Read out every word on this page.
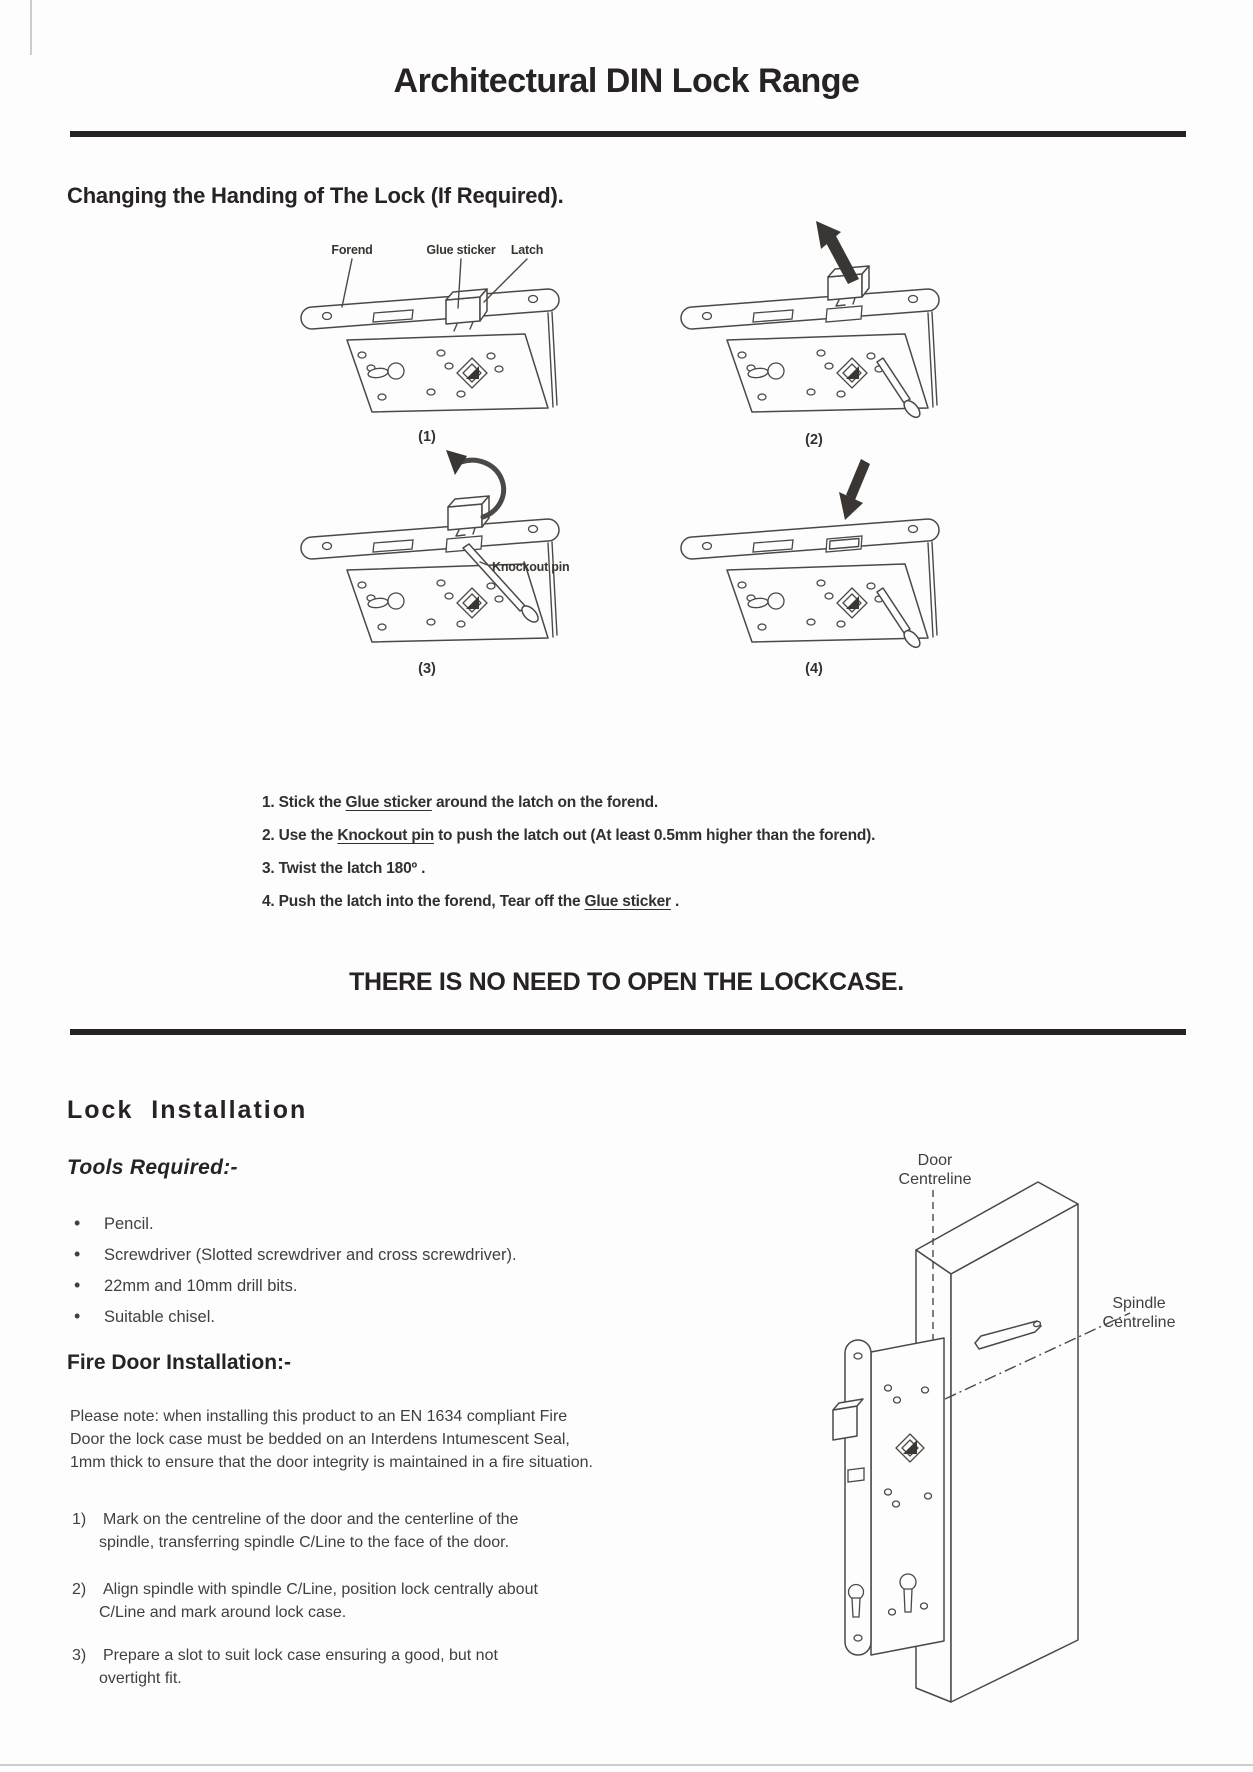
Architectural DIN Lock Range
Changing the Handing of The Lock (If Required).
Forend	Glue sticker Latch
Knockout pin
(1)	(2)
(3)	(4)
1. Stick the Glue sticker around the latch on the forend.
2. Use the Knockout pin to push the latch out (At least 0.5mm higher than the forend).
3. Twist the latch 180º .
4. Push the latch into the forend, Tear off the Glue sticker .
THERE IS NO NEED TO OPEN THE LOCKCASE.
Lock Installation
Tools Required:-
• Pencil.
• Screwdriver (Slotted screwdriver and cross screwdriver).
• 22mm and 10mm drill bits.
• Suitable chisel.
Fire Door Installation:-
Please note: when installing this product to an EN 1634 compliant Fire
Door the lock case must be bedded on an Interdens Intumescent Seal,
1mm thick to ensure that the door integrity is maintained in a fire situation.
1) Mark on the centreline of the door and the centerline of the
spindle, transferring spindle C/Line to the face of the door.
2) Align spindle with spindle C/Line, position lock centrally about
C/Line and mark around lock case.
3) Prepare a slot to suit lock case ensuring a good, but not
overtight fit.
Door
Centreline
Spindle
Centreline
